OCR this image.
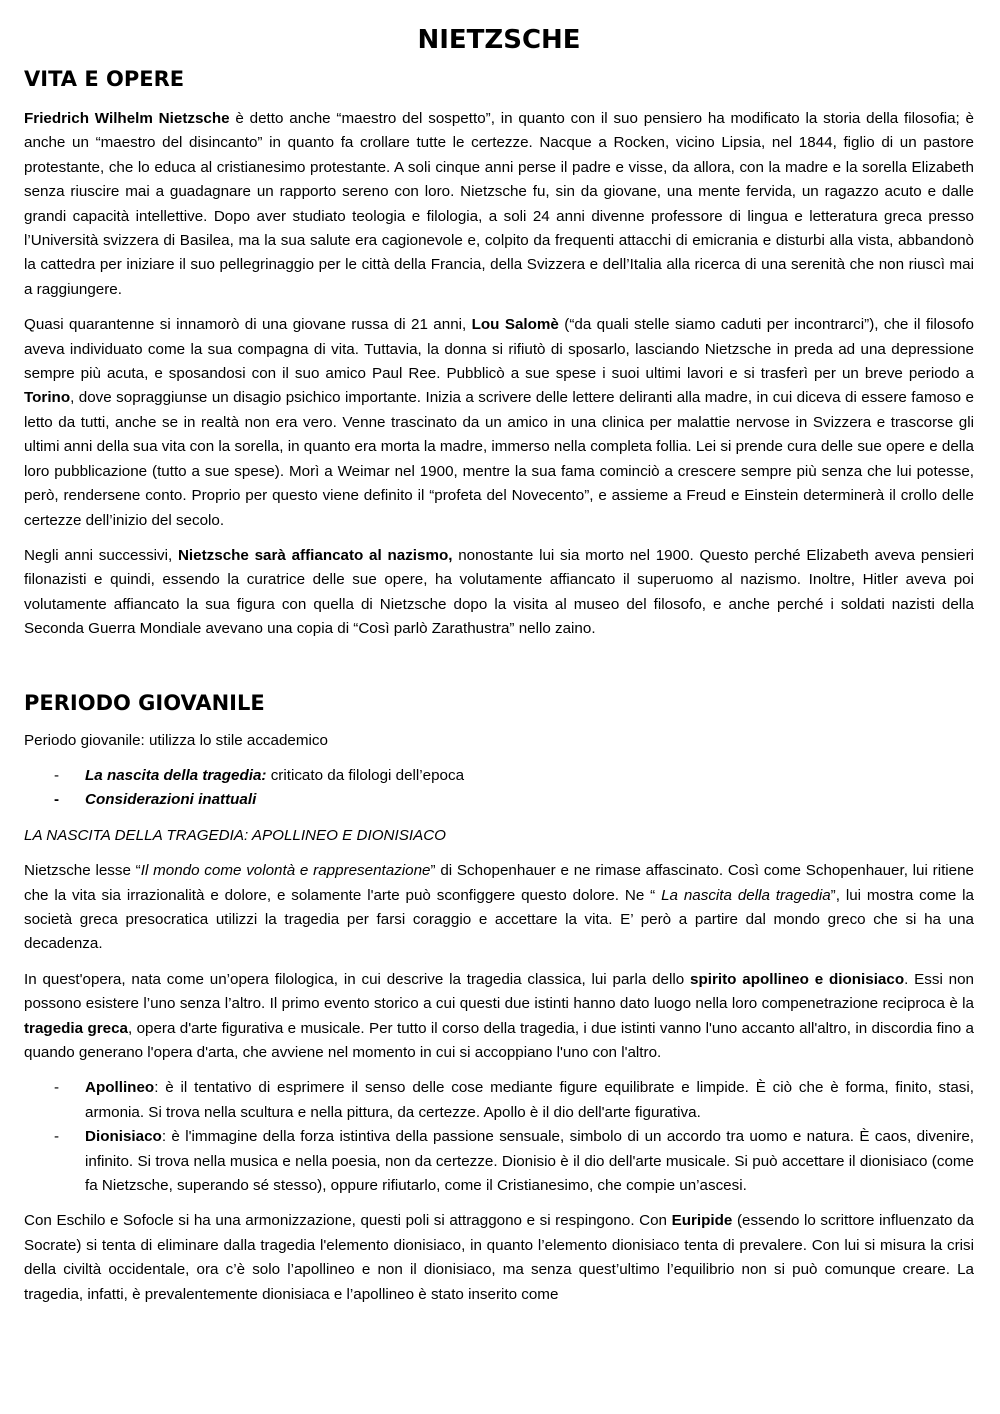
NIETZSCHE
VITA E OPERE

Friedrich Wilhelm Nietzsche è detto anche “maestro del sospetto”, in quanto con il suo pensiero ha modificato la storia della filosofia; è anche un “maestro del disincanto” in quanto fa crollare tutte le certezze. Nacque a Rocken, vicino Lipsia, nel 1844, figlio di un pastore protestante, che lo educa al cristianesimo protestante. A soli cinque anni perse il padre e visse, da allora, con la madre e la sorella Elizabeth senza riuscire mai a guadagnare un rapporto sereno con loro. Nietzsche fu, sin da giovane, una mente fervida, un ragazzo acuto e dalle grandi capacità intellettive. Dopo aver studiato teologia e filologia, a soli 24 anni divenne professore di lingua e letteratura greca presso l’Università svizzera di Basilea, ma la sua salute era cagionevole e, colpito da frequenti attacchi di emicrania e disturbi alla vista, abbandonò la cattedra per iniziare il suo pellegrinaggio per le città della Francia, della Svizzera e dell’Italia alla ricerca di una serenità che non riuscì mai a raggiungere.

Quasi quarantenne si innamorò di una giovane russa di 21 anni, Lou Salomè (“da quali stelle siamo caduti per incontrarci”), che il filosofo aveva individuato come la sua compagna di vita. Tuttavia, la donna si rifiutò di sposarlo, lasciando Nietzsche in preda ad una depressione sempre più acuta, e sposandosi con il suo amico Paul Ree. Pubblicò a sue spese i suoi ultimi lavori e si trasferì per un breve periodo a Torino, dove sopraggiunse un disagio psichico importante. Inizia a scrivere delle lettere deliranti alla madre, in cui diceva di essere famoso e letto da tutti, anche se in realtà non era vero. Venne trascinato da un amico in una clinica per malattie nervose in Svizzera e trascorse gli ultimi anni della sua vita con la sorella, in quanto era morta la madre, immerso nella completa follia. Lei si prende cura delle sue opere e della loro pubblicazione (tutto a sue spese). Morì a Weimar nel 1900, mentre la sua fama cominciò a crescere sempre più senza che lui potesse, però, rendersene conto. Proprio per questo viene definito il “profeta del Novecento”, e assieme a Freud e Einstein determinerà il crollo delle certezze dell’inizio del secolo.

Negli anni successivi, Nietzsche sarà affiancato al nazismo, nonostante lui sia morto nel 1900. Questo perché Elizabeth aveva pensieri filonazisti e quindi, essendo la curatrice delle sue opere, ha volutamente affiancato il superuomo al nazismo. Inoltre, Hitler aveva poi volutamente affiancato la sua figura con quella di Nietzsche dopo la visita al museo del filosofo, e anche perché i soldati nazisti della Seconda Guerra Mondiale avevano una copia di “Così parlò Zarathustra” nello zaino.

PERIODO GIOVANILE

Periodo giovanile: utilizza lo stile accademico

- La nascita della tragedia: criticato da filologi dell’epoca
- Considerazioni inattuali

LA NASCITA DELLA TRAGEDIA: APOLLINEO E DIONISIACO

Nietzsche lesse “Il mondo come volontà e rappresentazione” di Schopenhauer e ne rimase affascinato. Così come Schopenhauer, lui ritiene che la vita sia irrazionalità e dolore, e solamente l'arte può sconfiggere questo dolore. Ne “ La nascita della tragedia”, lui mostra come la società greca presocratica utilizzi la tragedia per farsi coraggio e accettare la vita. E’ però a partire dal mondo greco che si ha una decadenza.

In quest'opera, nata come un’opera filologica, in cui descrive la tragedia classica, lui parla dello spirito apollineo e dionisiaco. Essi non possono esistere l’uno senza l’altro. Il primo evento storico a cui questi due istinti hanno dato luogo nella loro compenetrazione reciproca è la tragedia greca, opera d'arte figurativa e musicale. Per tutto il corso della tragedia, i due istinti vanno l'uno accanto all'altro, in discordia fino a quando generano l'opera d'arta, che avviene nel momento in cui si accoppiano l'uno con l'altro.

- Apollineo: è il tentativo di esprimere il senso delle cose mediante figure equilibrate e limpide. È ciò che è forma, finito, stasi, armonia. Si trova nella scultura e nella pittura, da certezze. Apollo è il dio dell'arte figurativa.
- Dionisiaco: è l'immagine della forza istintiva della passione sensuale, simbolo di un accordo tra uomo e natura. È caos, divenire, infinito. Si trova nella musica e nella poesia, non da certezze. Dionisio è il dio dell'arte musicale. Si può accettare il dionisiaco (come fa Nietzsche, superando sé stesso), oppure rifiutarlo, come il Cristianesimo, che compie un’ascesi.

Con Eschilo e Sofocle si ha una armonizzazione, questi poli si attraggono e si respingono. Con Euripide (essendo lo scrittore influenzato da Socrate) si tenta di eliminare dalla tragedia l'elemento dionisiaco, in quanto l’elemento dionisiaco tenta di prevalere. Con lui si misura la crisi della civiltà occidentale, ora c’è solo l’apollineo e non il dionisiaco, ma senza quest’ultimo l’equilibrio non si può comunque creare. La tragedia, infatti, è prevalentemente dionisiaca e l’apollineo è stato inserito come
